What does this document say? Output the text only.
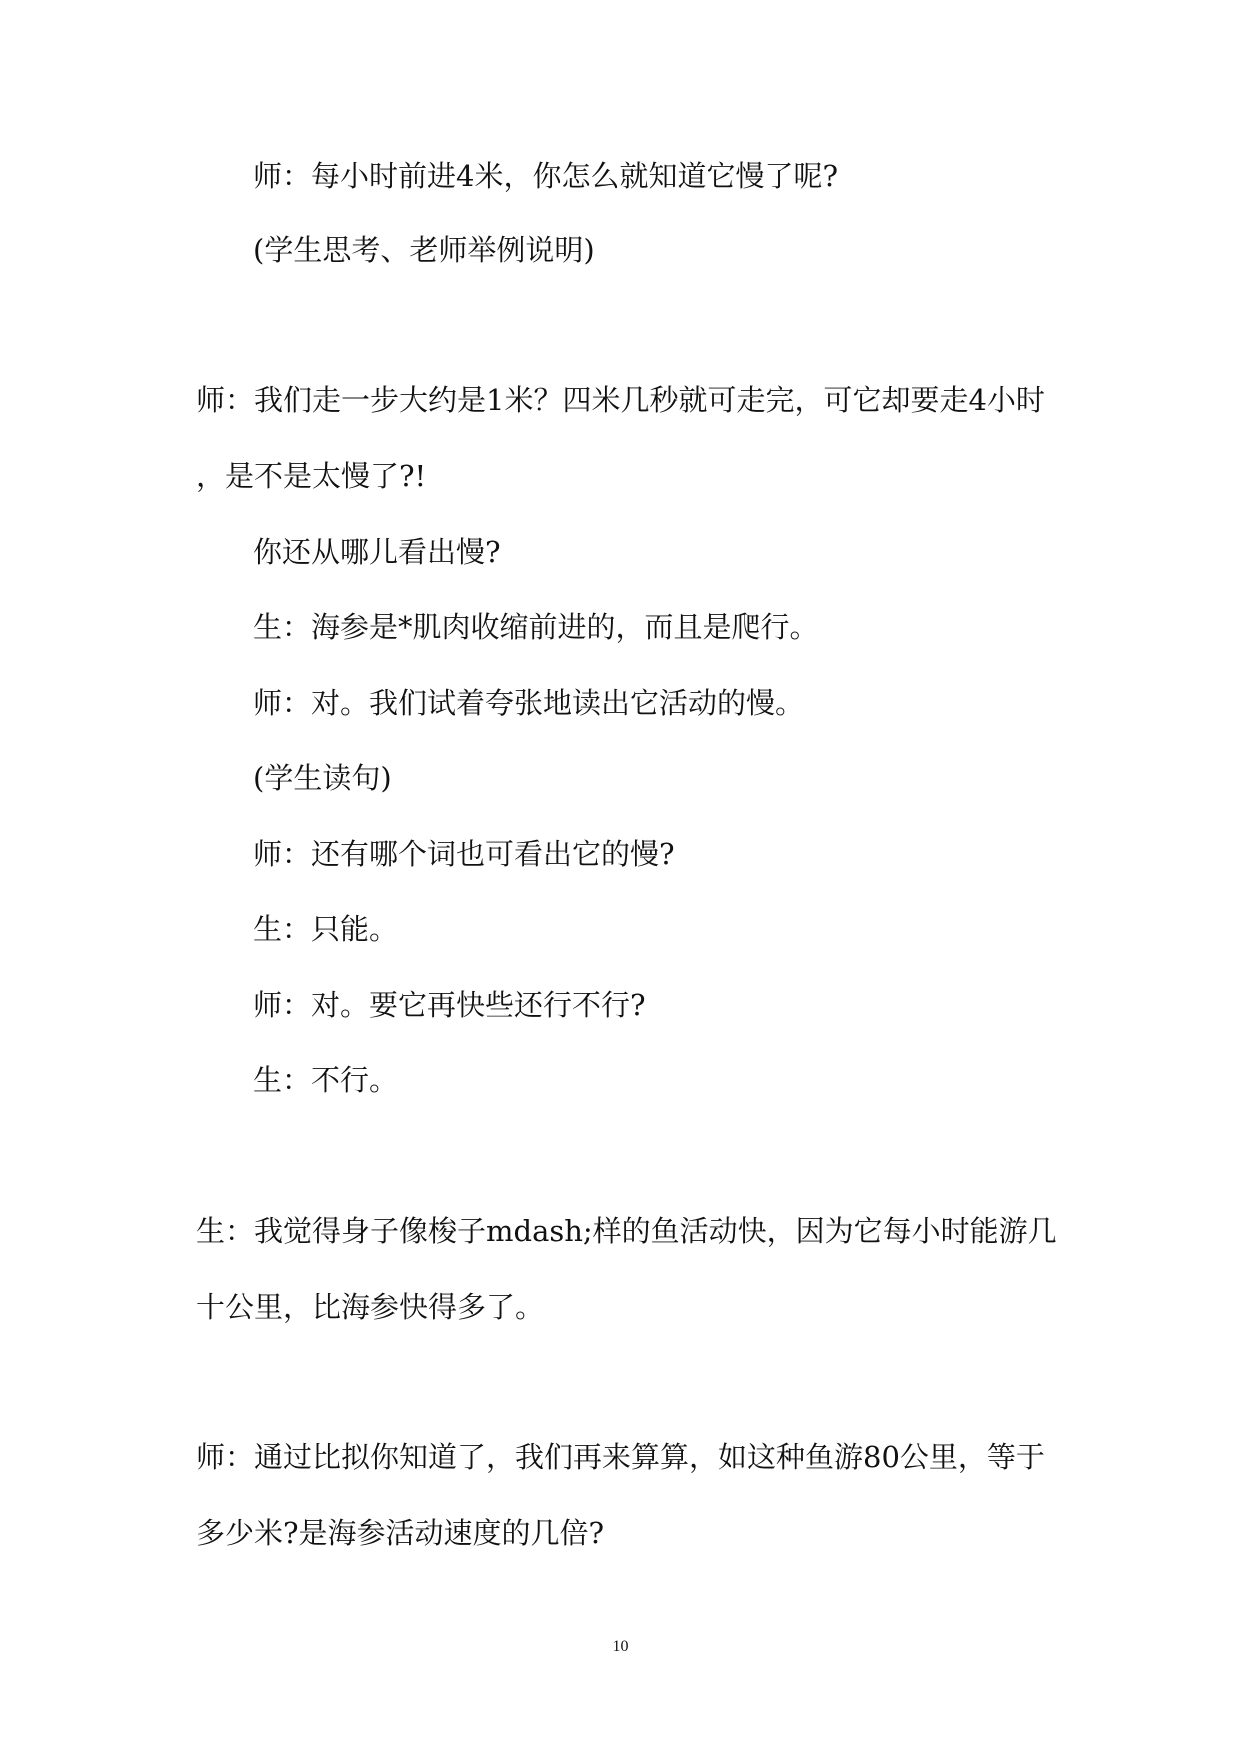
师：每小时前进4米，你怎么就知道它慢了呢?
(学生思考、老师举例说明)
师：我们走一步大约是1米？四米几秒就可走完，可它却要走4小时
，是不是太慢了?!
你还从哪儿看出慢?
生：海参是*肌肉收缩前进的，而且是爬行。
师：对。我们试着夸张地读出它活动的慢。
(学生读句)
师：还有哪个词也可看出它的慢?
生：只能。
师：对。要它再快些还行不行?
生：不行。
生：我觉得身子像梭子mdash;样的鱼活动快，因为它每小时能游几
十公里，比海参快得多了。
师：通过比拟你知道了，我们再来算算，如这种鱼游80公里，等于
多少米?是海参活动速度的几倍?
10
